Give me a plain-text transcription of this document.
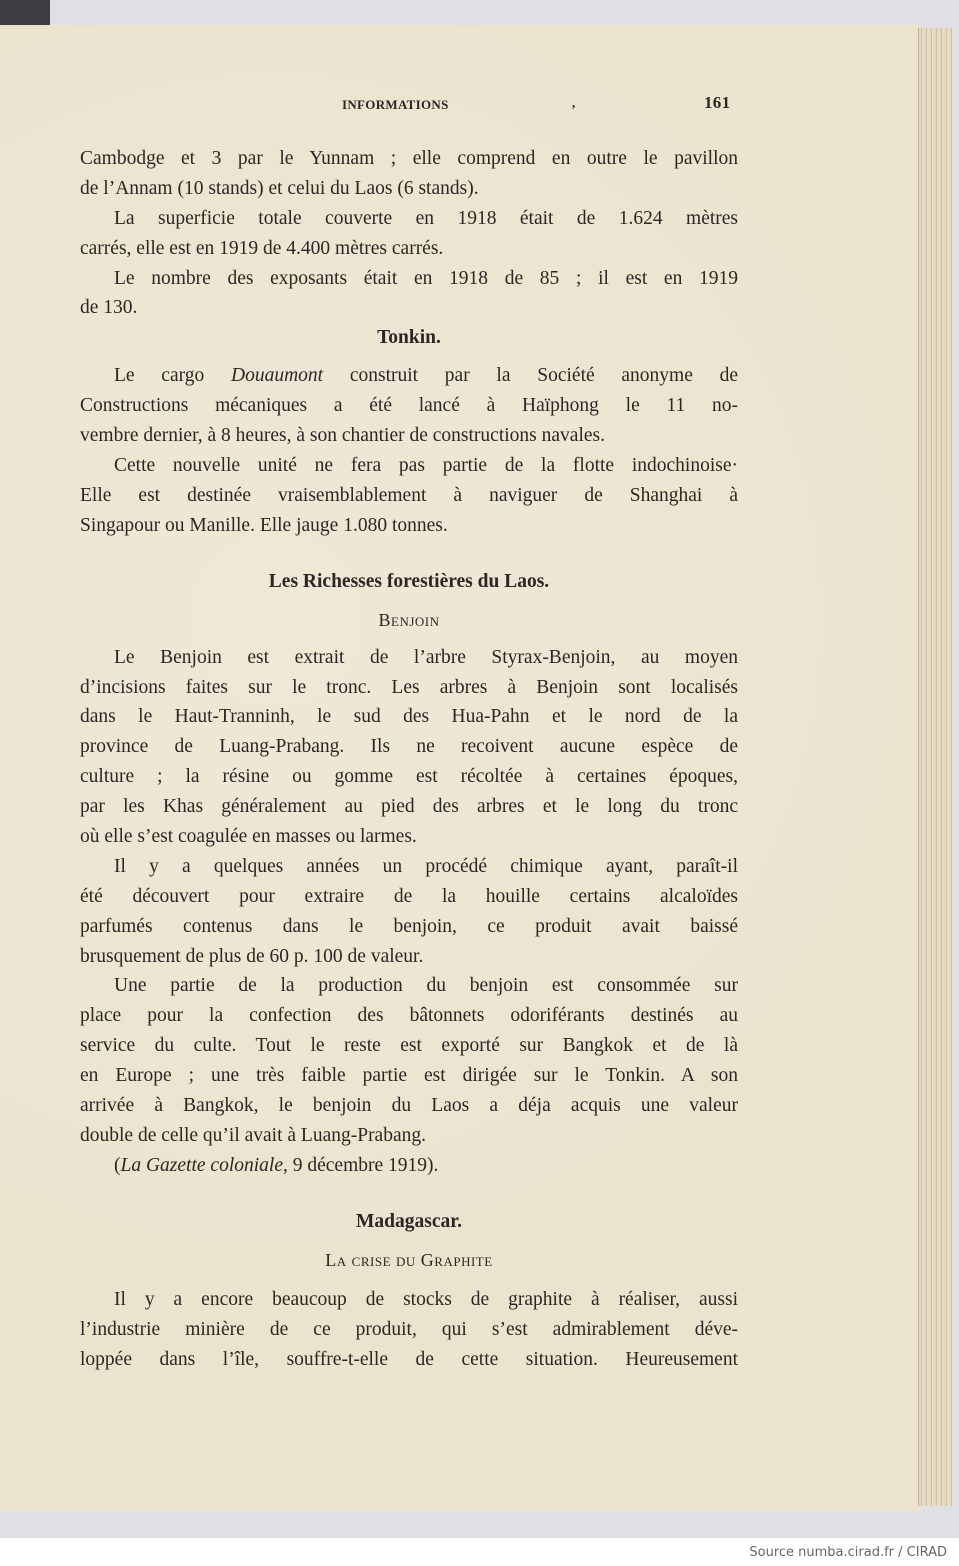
INFORMATIONS	,	161
Cambodge et 3 par le Yunnam ; elle comprend en outre le pavillon
de l’Annam (10 stands) et celui du Laos (6 stands).
La superficie totale couverte en 1918 était de 1.624 mètres
carrés, elle est en 1919 de 4.400 mètres carrés.
Le nombre des exposants était en 1918 de 85 ; il est en 1919
de 130.
Tonkin.
Le cargo Douaumont construit par la Société anonyme de
Constructions mécaniques a été lancé à Haïphong le 11 no-
vembre dernier, à 8 heures, à son chantier de constructions navales.
Cette nouvelle unité ne fera pas partie de la flotte indochinoise·
Elle est destinée vraisemblablement à naviguer de Shanghai à
Singapour ou Manille. Elle jauge 1.080 tonnes.
Les Richesses forestières du Laos.
Benjoin
Le Benjoin est extrait de l’arbre Styrax-Benjoin, au moyen
d’incisions faites sur le tronc. Les arbres à Benjoin sont localisés
dans le Haut-Tranninh, le sud des Hua-Pahn et le nord de la
province de Luang-Prabang. Ils ne recoivent aucune espèce de
culture ; la résine ou gomme est récoltée à certaines époques,
par les Khas généralement au pied des arbres et le long du tronc
où elle s’est coagulée en masses ou larmes.
Il y a quelques années un procédé chimique ayant, paraît-il
été découvert pour extraire de la houille certains alcaloïdes
parfumés contenus dans le benjoin, ce produit avait baissé
brusquement de plus de 60 p. 100 de valeur.
Une partie de la production du benjoin est consommée sur
place pour la confection des bâtonnets odoriférants destinés au
service du culte. Tout le reste est exporté sur Bangkok et de là
en Europe ; une très faible partie est dirigée sur le Tonkin. A son
arrivée à Bangkok, le benjoin du Laos a déja acquis une valeur
double de celle qu’il avait à Luang-Prabang.
(La Gazette coloniale, 9 décembre 1919).
Madagascar.
La crise du Graphite
Il y a encore beaucoup de stocks de graphite à réaliser, aussi
l’industrie minière de ce produit, qui s’est admirablement déve-
loppée dans l’île, souffre-t-elle de cette situation. Heureusement
Source numba.cirad.fr / CIRAD
